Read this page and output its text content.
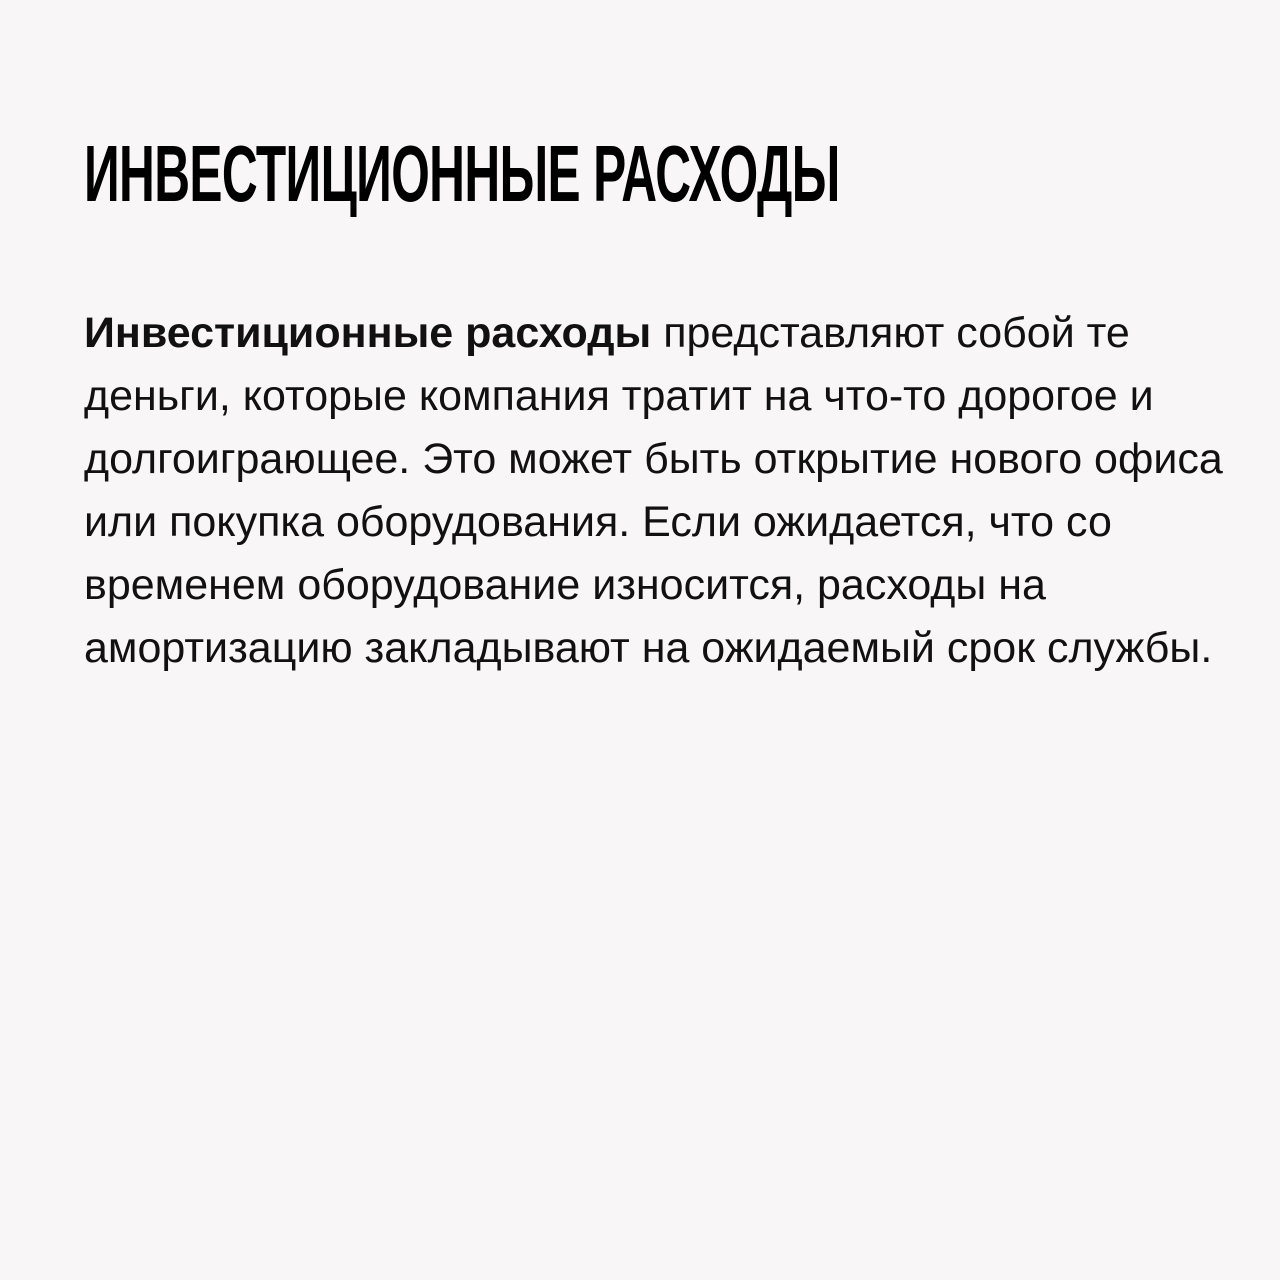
ИНВЕСТИЦИОННЫЕ РАСХОДЫ

Инвестиционные расходы представляют собой те деньги, которые компания тратит на что-то дорогое и долгоиграющее. Это может быть открытие нового офиса или покупка оборудования. Если ожидается, что со временем оборудование износится, расходы на амортизацию закладывают на ожидаемый срок службы.
